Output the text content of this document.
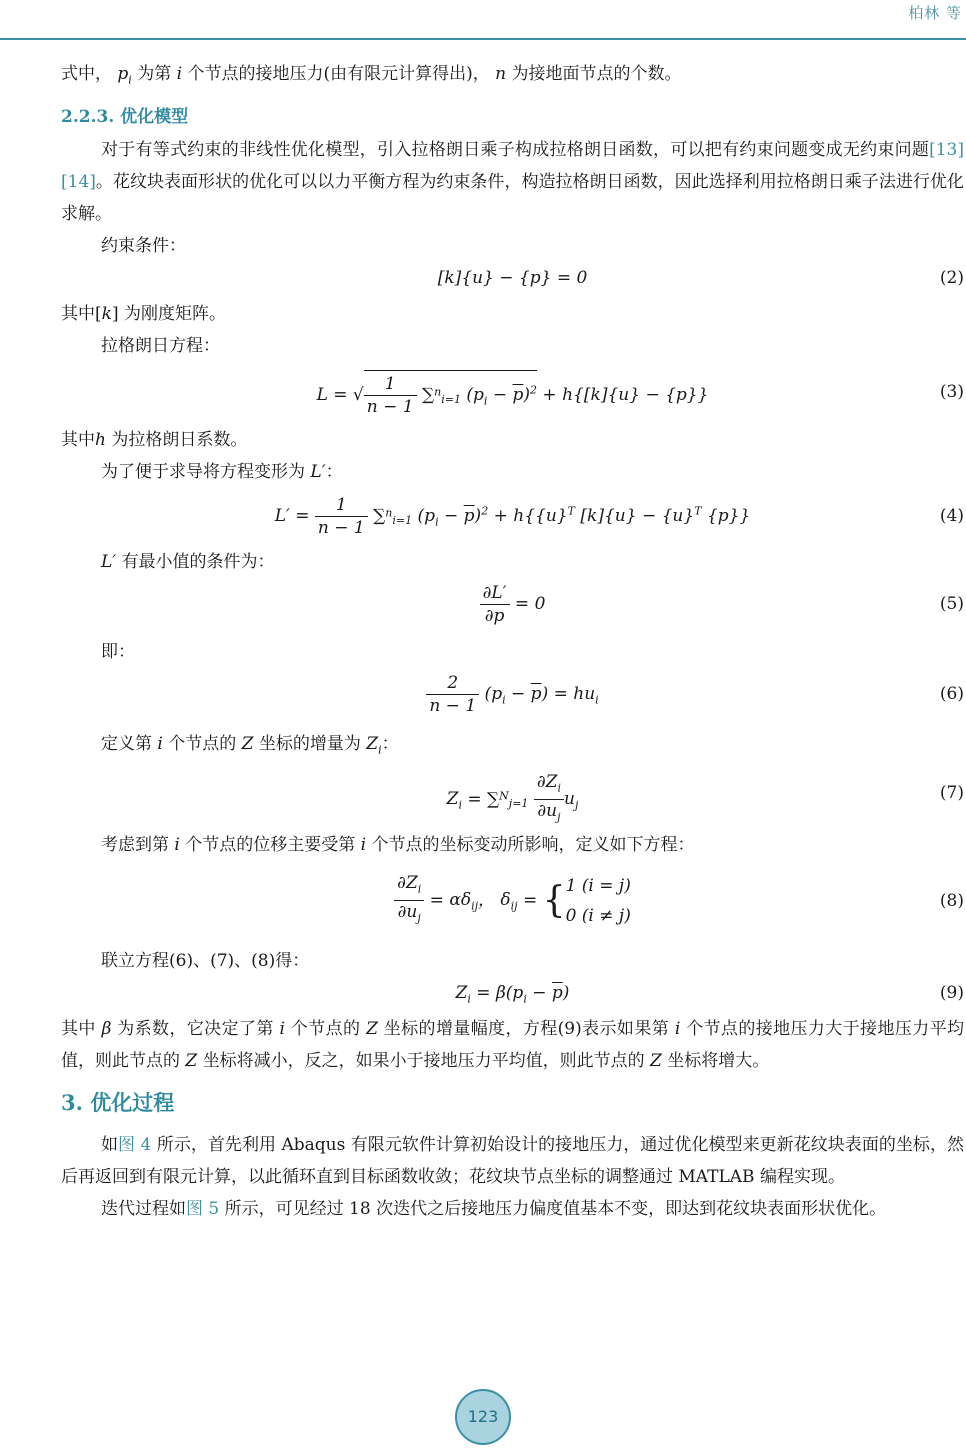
柏林 等

式中， $p_i$ 为第 i 个节点的接地压力(由有限元计算得出)， n 为接地面节点的个数。

2.2.3. 优化模型

对于有等式约束的非线性优化模型，引入拉格朗日乘子构成拉格朗日函数，可以把有约束问题变成无约束问题[13] [14]。花纹块表面形状的优化可以以力平衡方程为约束条件，构造拉格朗日函数，因此选择利用拉格朗日乘子法进行优化求解。

约束条件：

[k]{u} − {p} = 0	(2)

其中[k] 为刚度矩阵。

拉格朗日方程：

L = √ $\frac{1}{n - 1} \sum^n_{i=1}$ $(p_i - \overline{p})^2 + h\{[k]\{u\} - \{p\}\}$	(3)

其中h 为拉格朗日系数。

为了便于求导将方程变形为 L′：

$L' = \frac{1}{n - 1} \sum^n_{i=1}$ $(p_i - \overline{p})^2 + h\{\{u\}^T$ $[k]\{u\} - \{u\}^T$ {p}}	(4)

L′ 有最小值的条件为：

$\frac{\partial L'}{\partial p} = 0$	(5)

即：

$\frac{2}{n - 1} (p_i - \overline{p}) = hu_i$	(6)

定义第 i 个节点的 Z 坐标的增量为 $Z_i$：

$Z_i = \sum^N_{j=1} \frac{\partial Z_i}{\partial u_j} u_j$
(7)

考虑到第 i 个节点的位移主要受第 i 个节点的坐标变动所影响，定义如下方程：

$\frac{\partial Z_i}{\partial u_j} = \alpha\delta_{ij}$， $\delta_{ij} = \{1$ (i = j)
0 (i ≠ j)
(8)

联立方程(6)、(7)、(8)得：

$Z_i = \beta(p_i - \overline{p})$	(9)

其中 β 为系数，它决定了第 i 个节点的 Z 坐标的增量幅度，方程(9)表示如果第 i 个节点的接地压力大于接地压力平均值，则此节点的 Z 坐标将减小，反之，如果小于接地压力平均值，则此节点的 Z 坐标将增大。

3. 优化过程

如图 4 所示，首先利用 Abaqus 有限元软件计算初始设计的接地压力，通过优化模型来更新花纹块表面的坐标，然后再返回到有限元计算，以此循环直到目标函数收敛；花纹块节点坐标的调整通过 MATLAB 编程实现。

迭代过程如图 5 所示，可见经过 18 次迭代之后接地压力偏度值基本不变，即达到花纹块表面形状优化。

123
